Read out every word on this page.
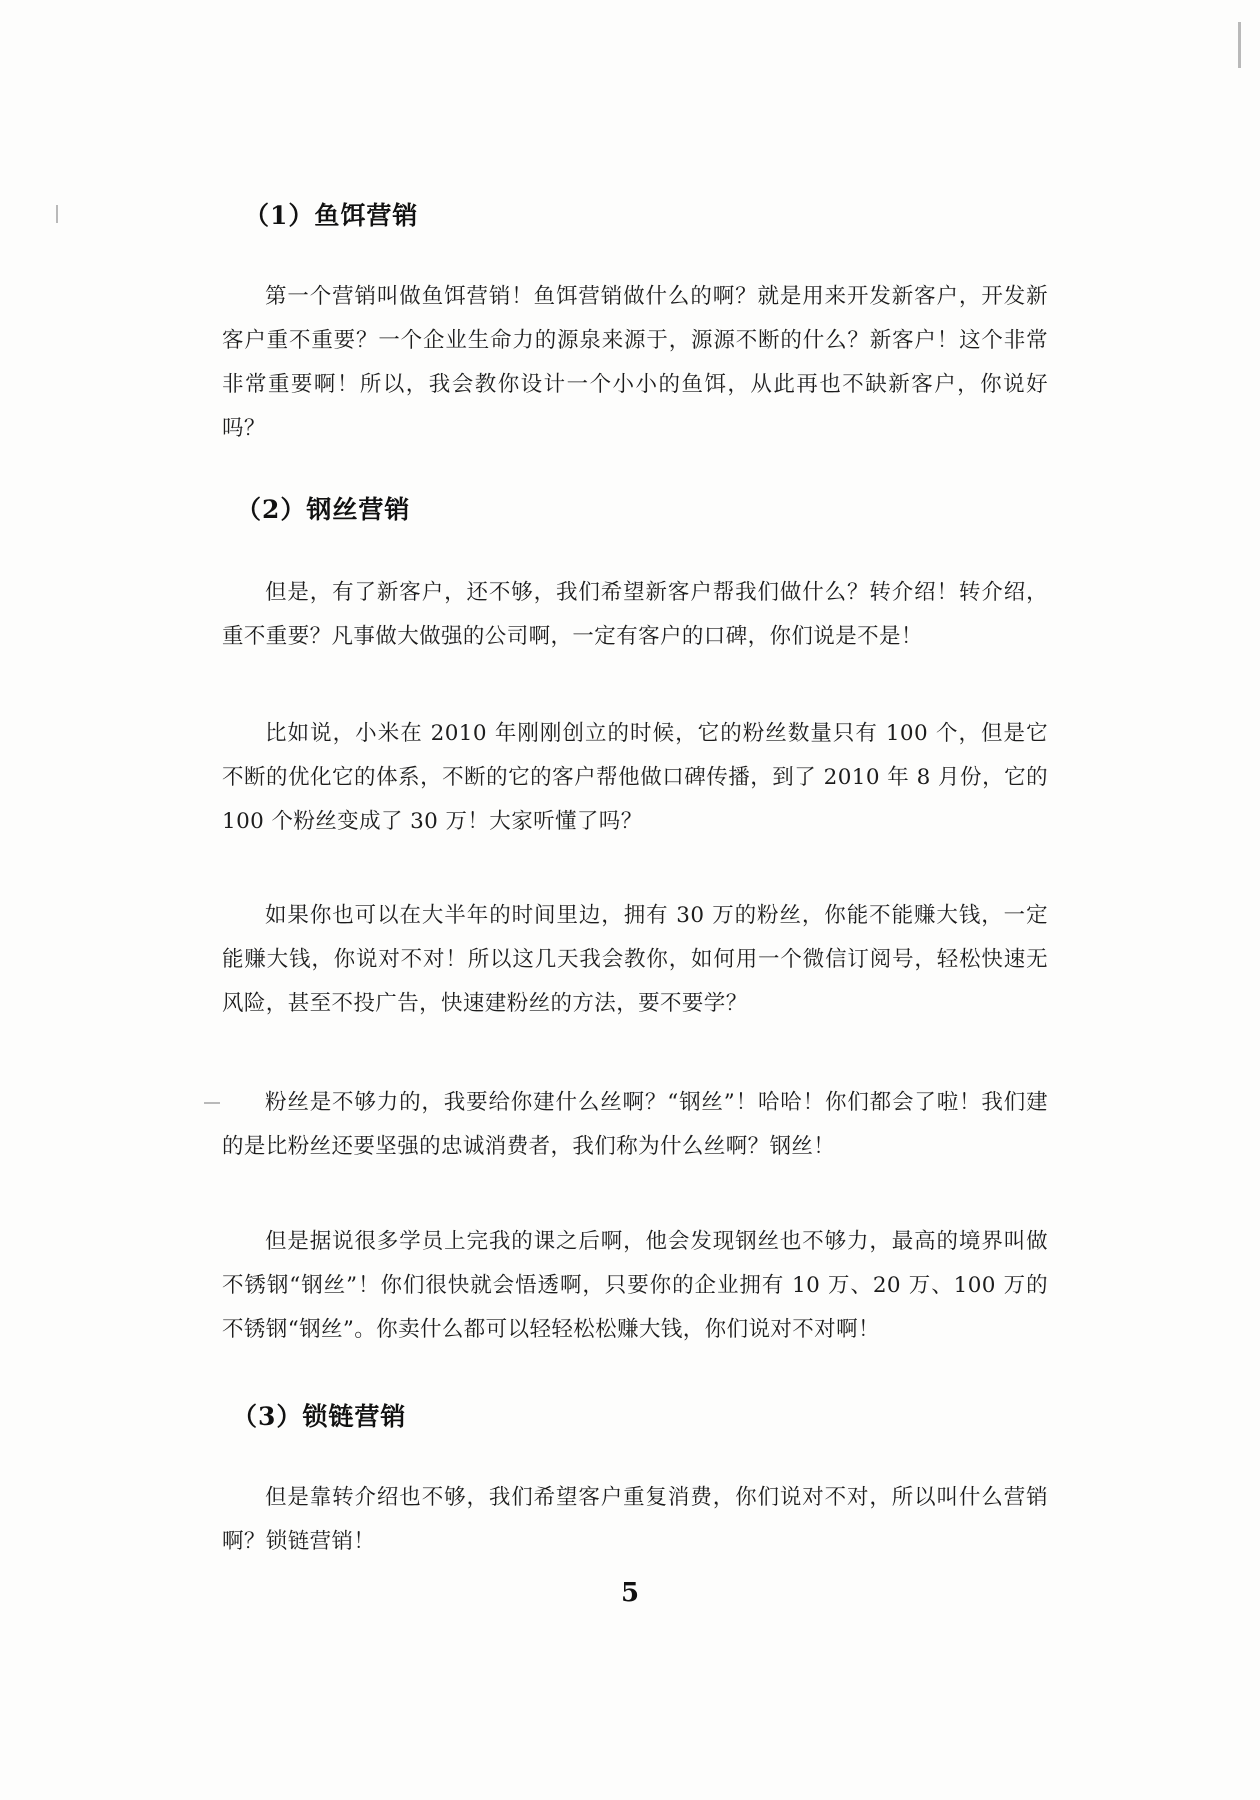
（1）鱼饵营销

第一个营销叫做鱼饵营销！鱼饵营销做什么的啊？就是用来开发新客户，开发新客户重不重要？一个企业生命力的源泉来源于，源源不断的什么？新客户！这个非常非常重要啊！所以，我会教你设计一个小小的鱼饵，从此再也不缺新客户，你说好吗？

（2）钢丝营销

但是，有了新客户，还不够，我们希望新客户帮我们做什么？转介绍！转介绍，重不重要？凡事做大做强的公司啊，一定有客户的口碑，你们说是不是！

比如说，小米在 2010 年刚刚创立的时候，它的粉丝数量只有 100 个，但是它不断的优化它的体系，不断的它的客户帮他做口碑传播，到了 2010 年 8 月份，它的 100 个粉丝变成了 30 万！大家听懂了吗？

如果你也可以在大半年的时间里边，拥有 30 万的粉丝，你能不能赚大钱，一定能赚大钱，你说对不对！所以这几天我会教你，如何用一个微信订阅号，轻松快速无风险，甚至不投广告，快速建粉丝的方法，要不要学？

粉丝是不够力的，我要给你建什么丝啊？“钢丝”！哈哈！你们都会了啦！我们建的是比粉丝还要坚强的忠诚消费者，我们称为什么丝啊？钢丝！

但是据说很多学员上完我的课之后啊，他会发现钢丝也不够力，最高的境界叫做不锈钢“钢丝”！你们很快就会悟透啊，只要你的企业拥有 10 万、20 万、100 万的不锈钢“钢丝”。你卖什么都可以轻轻松松赚大钱，你们说对不对啊！

（3）锁链营销

但是靠转介绍也不够，我们希望客户重复消费，你们说对不对，所以叫什么营销啊？锁链营销！

5
